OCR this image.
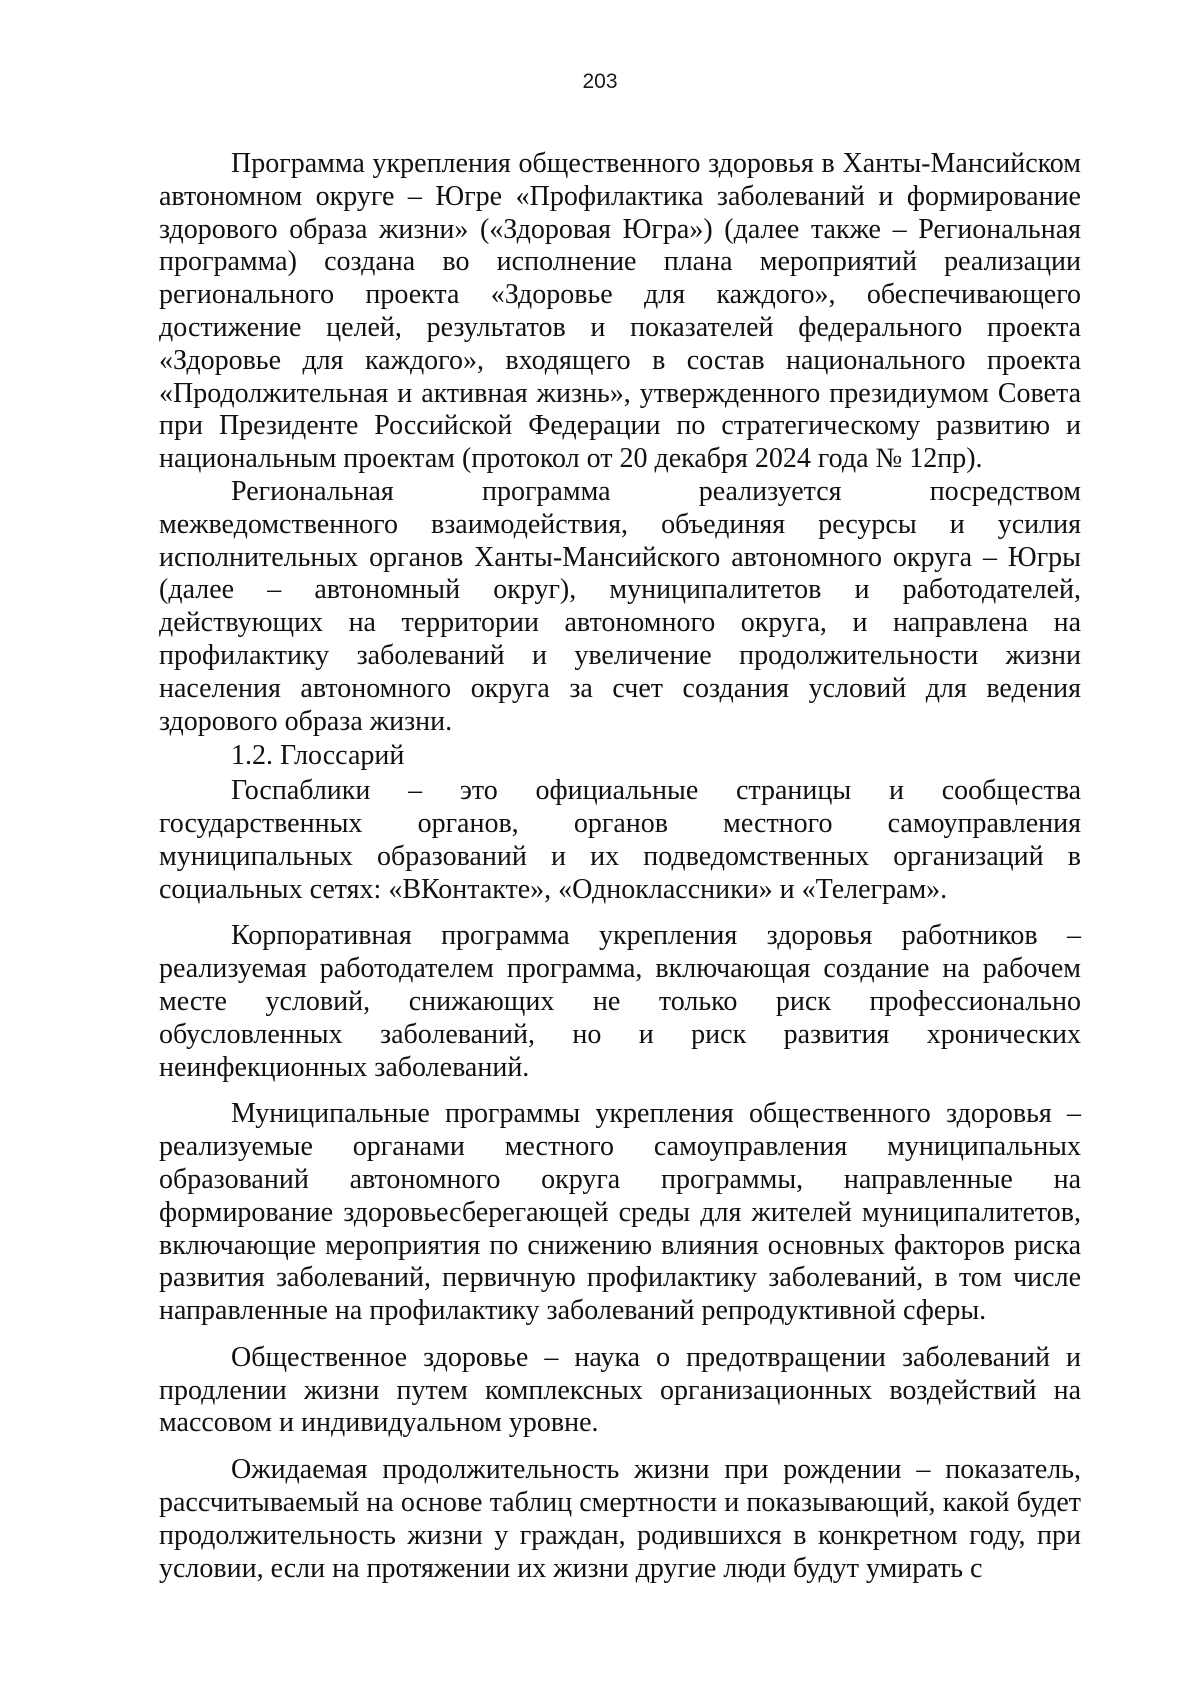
203

Программа укрепления общественного здоровья в Ханты-Мансийском автономном округе – Югре «Профилактика заболеваний и формирование здорового образа жизни» («Здоровая Югра») (далее также – Региональная программа) создана во исполнение плана мероприятий реализации регионального проекта «Здоровье для каждого», обеспечивающего достижение целей, результатов и показателей федерального проекта «Здоровье для каждого», входящего в состав национального проекта «Продолжительная и активная жизнь», утвержденного президиумом Совета при Президенте Российской Федерации по стратегическому развитию и национальным проектам (протокол от 20 декабря 2024 года № 12пр).

Региональная программа реализуется посредством межведомственного взаимодействия, объединяя ресурсы и усилия исполнительных органов Ханты-Мансийского автономного округа – Югры (далее – автономный округ), муниципалитетов и работодателей, действующих на территории автономного округа, и направлена на профилактику заболеваний и увеличение продолжительности жизни населения автономного округа за счет создания условий для ведения здорового образа жизни.

1.2. Глоссарий

Госпаблики – это официальные страницы и сообщества государственных органов, органов местного самоуправления муниципальных образований и их подведомственных организаций в социальных сетях: «ВКонтакте», «Одноклассники» и «Телеграм».

Корпоративная программа укрепления здоровья работников – реализуемая работодателем программа, включающая создание на рабочем месте условий, снижающих не только риск профессионально обусловленных заболеваний, но и риск развития хронических неинфекционных заболеваний.

Муниципальные программы укрепления общественного здоровья – реализуемые органами местного самоуправления муниципальных образований автономного округа программы, направленные на формирование здоровьесберегающей среды для жителей муниципалитетов, включающие мероприятия по снижению влияния основных факторов риска развития заболеваний, первичную профилактику заболеваний, в том числе направленные на профилактику заболеваний репродуктивной сферы.

Общественное здоровье – наука о предотвращении заболеваний и продлении жизни путем комплексных организационных воздействий на массовом и индивидуальном уровне.

Ожидаемая продолжительность жизни при рождении – показатель, рассчитываемый на основе таблиц смертности и показывающий, какой будет продолжительность жизни у граждан, родившихся в конкретном году, при условии, если на протяжении их жизни другие люди будут умирать с
